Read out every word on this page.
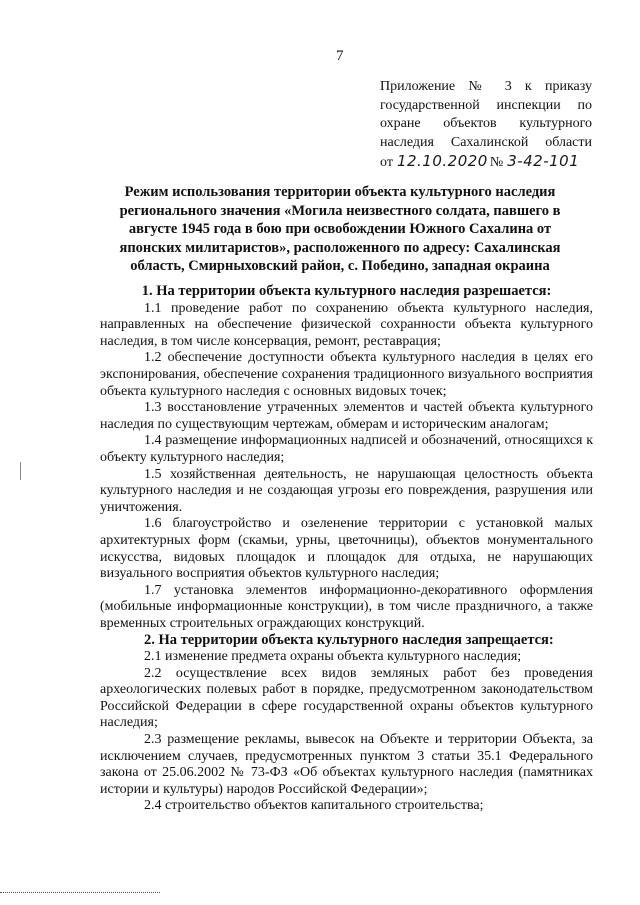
7
Приложение № 3 к приказу
государственной инспекции по
охране объектов культурного
наследия Сахалинской области
от 12.10.2020 № 3-42-101
Режим использования территории объекта культурного наследия регионального значения «Могила неизвестного солдата, павшего в августе 1945 года в бою при освобождении Южного Сахалина от японских милитаристов», расположенного по адресу: Сахалинская область, Смирныховский район, с. Победино, западная окраина

1. На территории объекта культурного наследия разрешается:

1.1 проведение работ по сохранению объекта культурного наследия, направленных на обеспечение физической сохранности объекта культурного наследия, в том числе консервация, ремонт, реставрация;

1.2 обеспечение доступности объекта культурного наследия в целях его экспонирования, обеспечение сохранения традиционного визуального восприятия объекта культурного наследия с основных видовых точек;

1.3 восстановление утраченных элементов и частей объекта культурного наследия по существующим чертежам, обмерам и историческим аналогам;

1.4 размещение информационных надписей и обозначений, относящихся к объекту культурного наследия;

1.5 хозяйственная деятельность, не нарушающая целостность объекта культурного наследия и не создающая угрозы его повреждения, разрушения или уничтожения.

1.6 благоустройство и озеленение территории с установкой малых архитектурных форм (скамьи, урны, цветочницы), объектов монументального искусства, видовых площадок и площадок для отдыха, не нарушающих визуального восприятия объектов культурного наследия;

1.7 установка элементов информационно-декоративного оформления (мобильные информационные конструкции), в том числе праздничного, а также временных строительных ограждающих конструкций.

2. На территории объекта культурного наследия запрещается:

2.1 изменение предмета охраны объекта культурного наследия;

2.2 осуществление всех видов земляных работ без проведения археологических полевых работ в порядке, предусмотренном законодательством Российской Федерации в сфере государственной охраны объектов культурного наследия;

2.3 размещение рекламы, вывесок на Объекте и территории Объекта, за исключением случаев, предусмотренных пунктом 3 статьи 35.1 Федерального закона от 25.06.2002 № 73-ФЗ «Об объектах культурного наследия (памятниках истории и культуры) народов Российской Федерации»;

2.4 строительство объектов капитального строительства;
